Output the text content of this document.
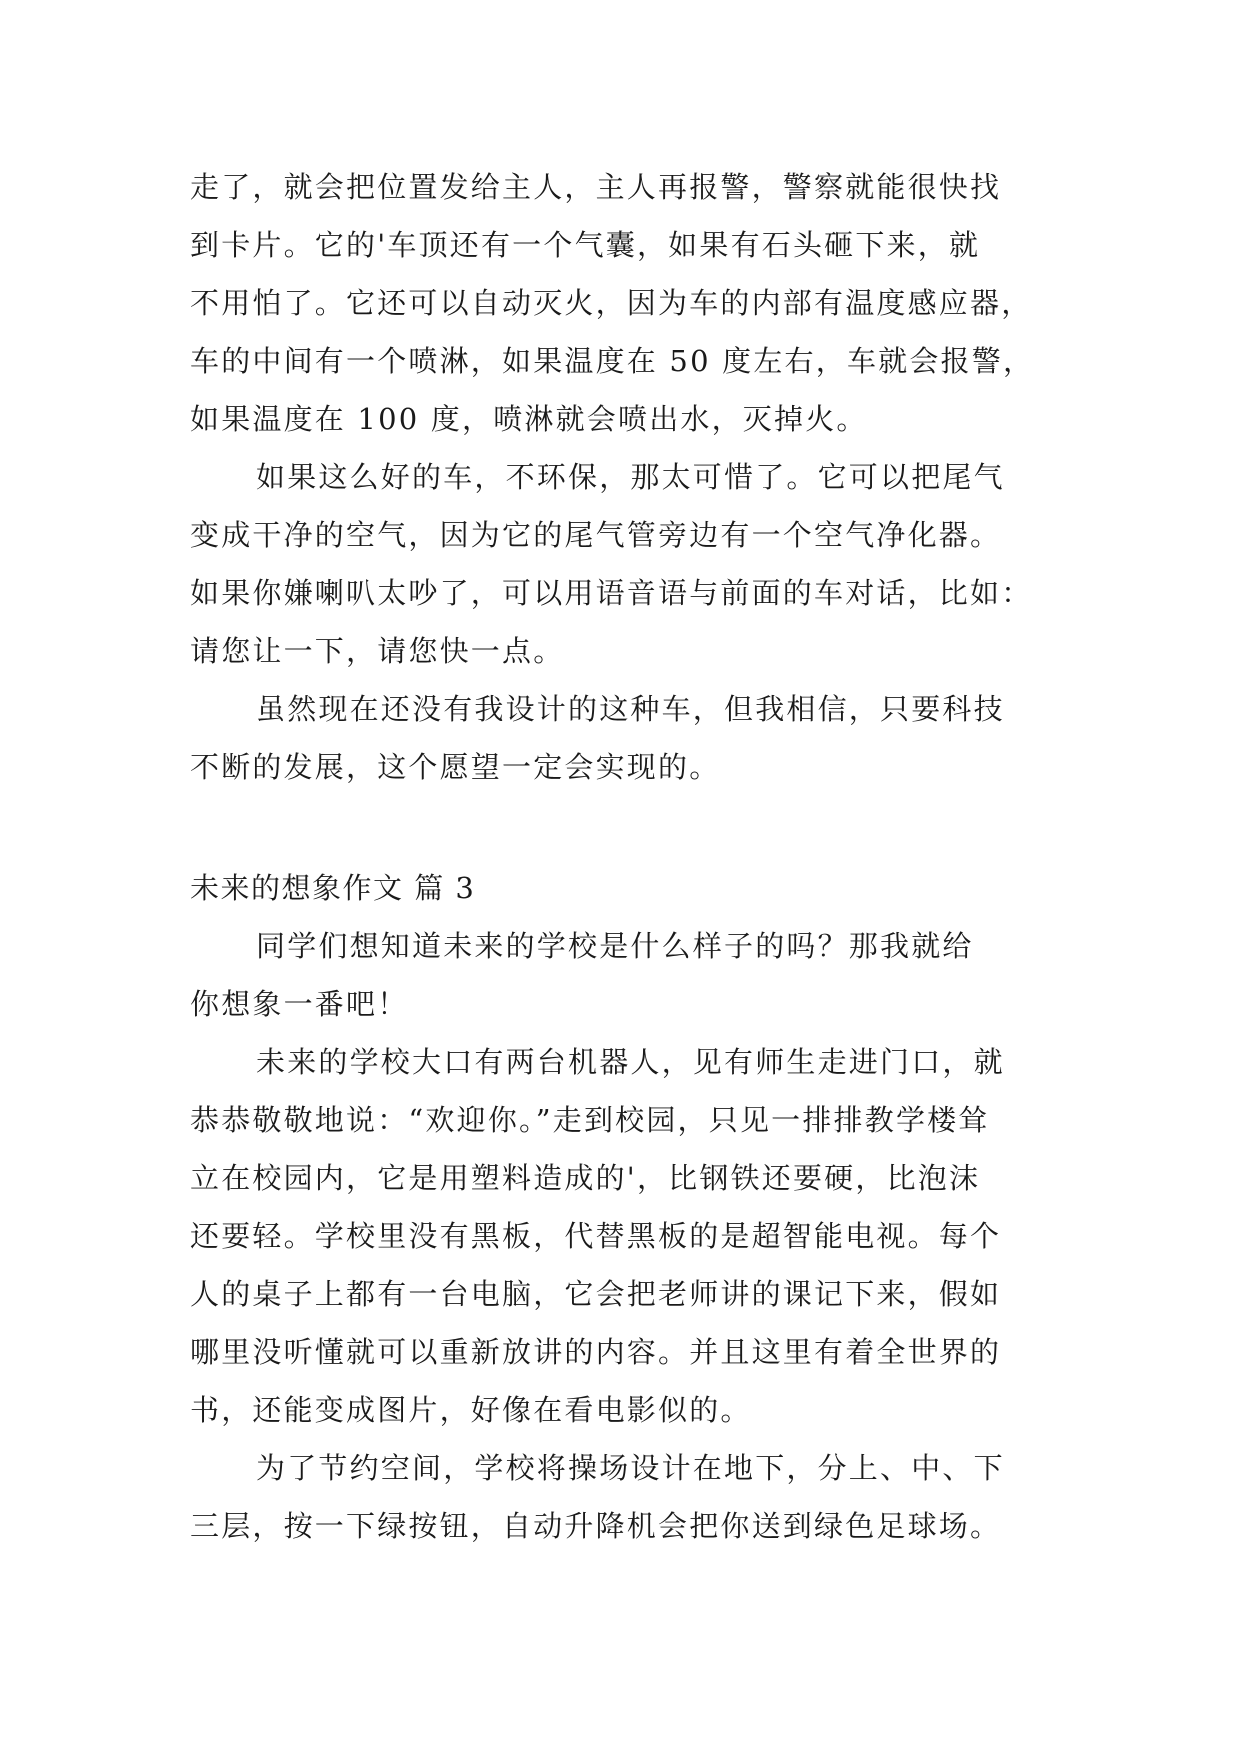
走了，就会把位置发给主人，主人再报警，警察就能很快找
到卡片。它的'车顶还有一个气囊，如果有石头砸下来，就
不用怕了。它还可以自动灭火，因为车的内部有温度感应器，
车的中间有一个喷淋，如果温度在 50 度左右，车就会报警，
如果温度在 100 度，喷淋就会喷出水，灭掉火。
如果这么好的车，不环保，那太可惜了。它可以把尾气
变成干净的空气，因为它的尾气管旁边有一个空气净化器。
如果你嫌喇叭太吵了，可以用语音语与前面的车对话，比如：
请您让一下，请您快一点。
虽然现在还没有我设计的这种车，但我相信，只要科技
不断的发展，这个愿望一定会实现的。
未来的想象作文 篇 3
同学们想知道未来的学校是什么样子的吗？那我就给
你想象一番吧！
未来的学校大口有两台机器人，见有师生走进门口，就
恭恭敬敬地说：“欢迎你。”走到校园，只见一排排教学楼耸
立在校园内，它是用塑料造成的'，比钢铁还要硬，比泡沫
还要轻。学校里没有黑板，代替黑板的是超智能电视。每个
人的桌子上都有一台电脑，它会把老师讲的课记下来，假如
哪里没听懂就可以重新放讲的内容。并且这里有着全世界的
书，还能变成图片，好像在看电影似的。
为了节约空间，学校将操场设计在地下，分上、中、下
三层，按一下绿按钮，自动升降机会把你送到绿色足球场。
